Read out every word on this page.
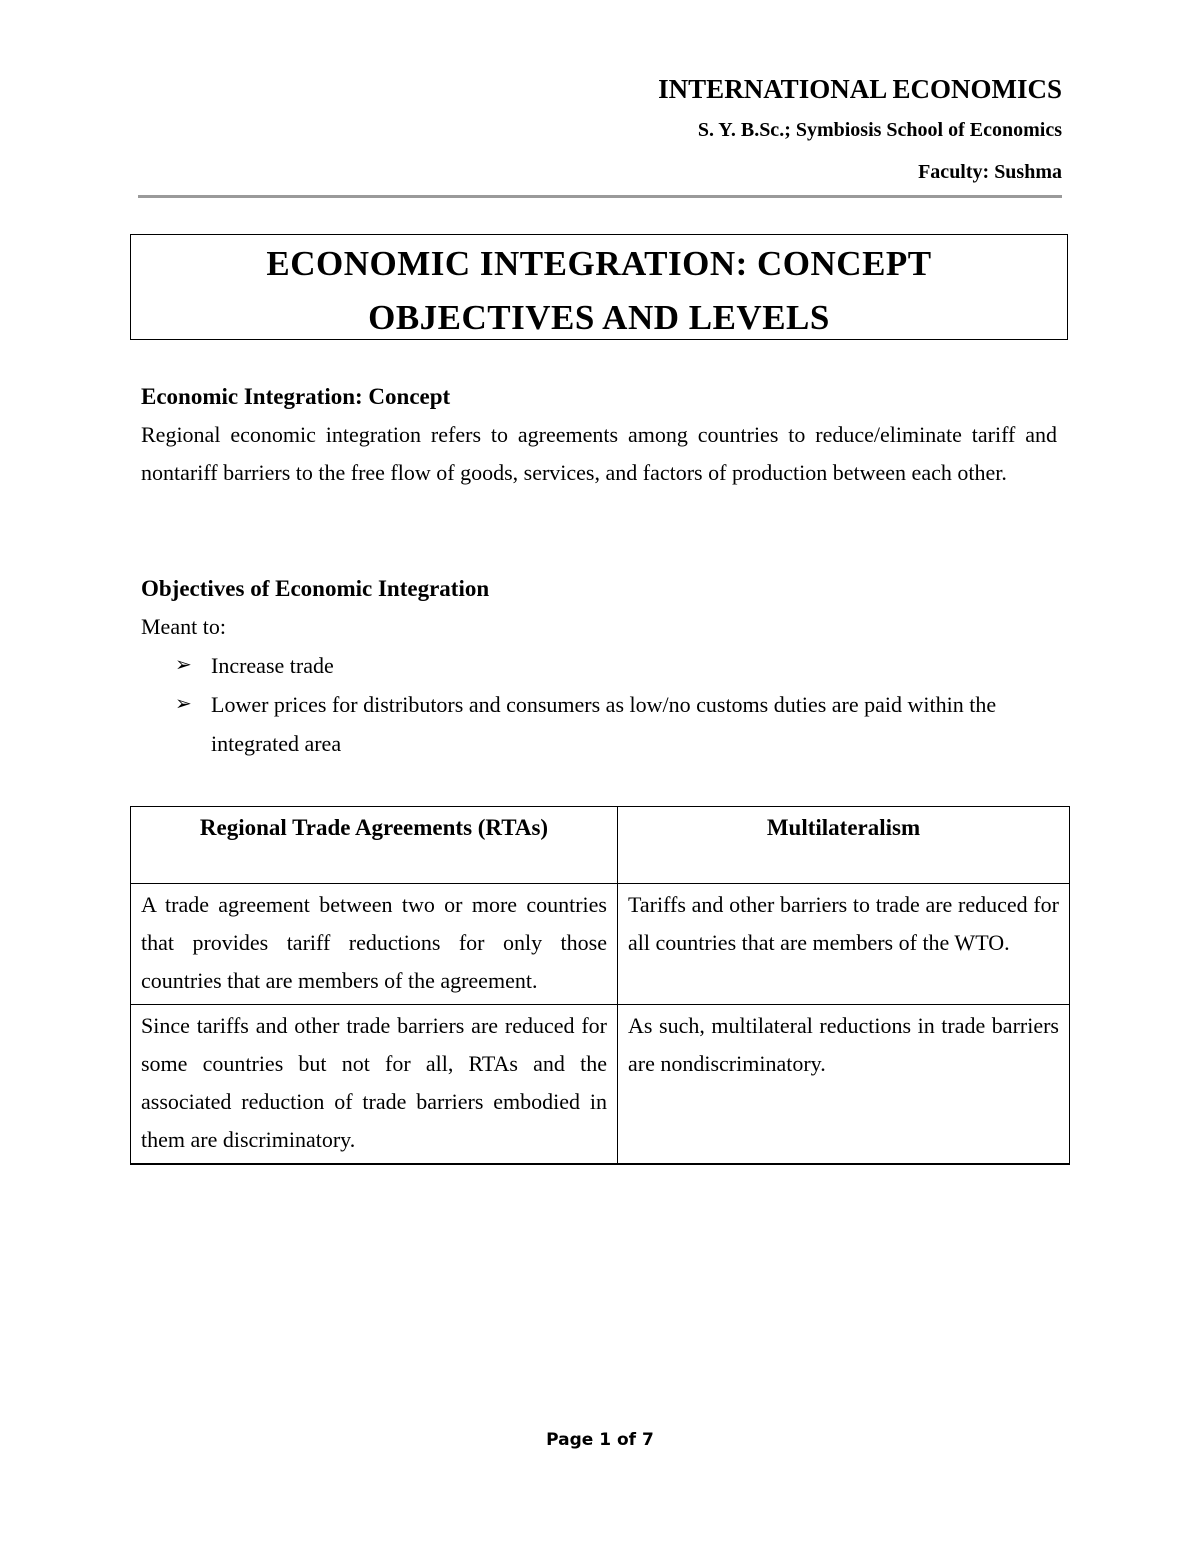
INTERNATIONAL ECONOMICS
S. Y. B.Sc.; Symbiosis School of Economics
Faculty: Sushma
ECONOMIC INTEGRATION: CONCEPT
OBJECTIVES AND LEVELS
Economic Integration: Concept
Regional economic integration refers to agreements among countries to reduce/eliminate tariff and nontariff barriers to the free flow of goods, services, and factors of production between each other.
Objectives of Economic Integration
Meant to:
➢ Increase trade
➢ Lower prices for distributors and consumers as low/no customs duties are paid within the integrated area
Regional Trade Agreements (RTAs)	Multilateralism
A trade agreement between two or more countries that provides tariff reductions for only those countries that are members of the agreement.	Tariffs and other barriers to trade are reduced for all countries that are members of the WTO.
Since tariffs and other trade barriers are reduced for some countries but not for all, RTAs and the associated reduction of trade barriers embodied in them are discriminatory.	As such, multilateral reductions in trade barriers are nondiscriminatory.
Page 1 of 7
